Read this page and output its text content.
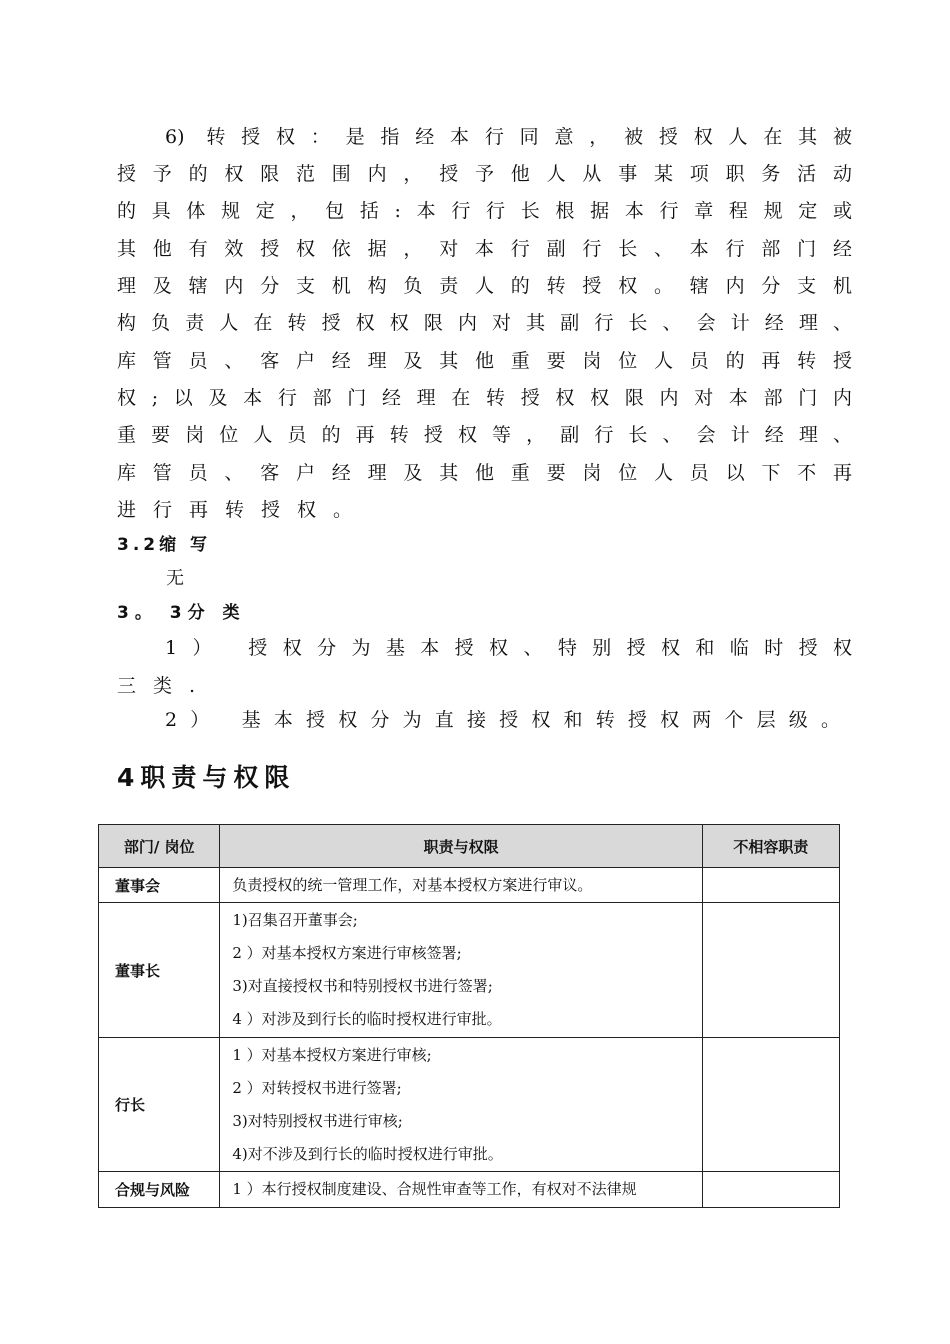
6) 转授权：是指经本行同意，被授权人在其被
授予的权限范围内，授予他人从事某项职务活动
的具体规定，包括:本行行长根据本行章程规定或
其他有效授权依据，对本行副行长、本行部门经
理及辖内分支机构负责人的转授权。辖内分支机
构负责人在转授权权限内对其副行长、会计经理、
库管员、客户经理及其他重要岗位人员的再转授
权;以及本行部门经理在转授权权限内对本部门内
重要岗位人员的再转授权等，副行长、会计经理、
库管员、客户经理及其他重要岗位人员以下不再
进行再转授权。
3.2缩 写
无
3。 3分 类
1） 授权分为基本授权、特别授权和临时授权
三类.
2） 基本授权分为直接授权和转授权两个层级。
4职责与权限
部门/ 岗位	职责与权限	不相容职责
董事会	负责授权的统一管理工作，对基本授权方案进行审议。	

董事长	1)召集召开董事会;
2 ）对基本授权方案进行审核签署;
3)对直接授权书和特别授权书进行签署;
4 ）对涉及到行长的临时授权进行审批。	

行长	1 ）对基本授权方案进行审核;
2 ）对转授权书进行签署;
3)对特别授权书进行审核;
4)对不涉及到行长的临时授权进行审批。	

合规与风险	1 ）本行授权制度建设、合规性审查等工作，有权对不法律规	
